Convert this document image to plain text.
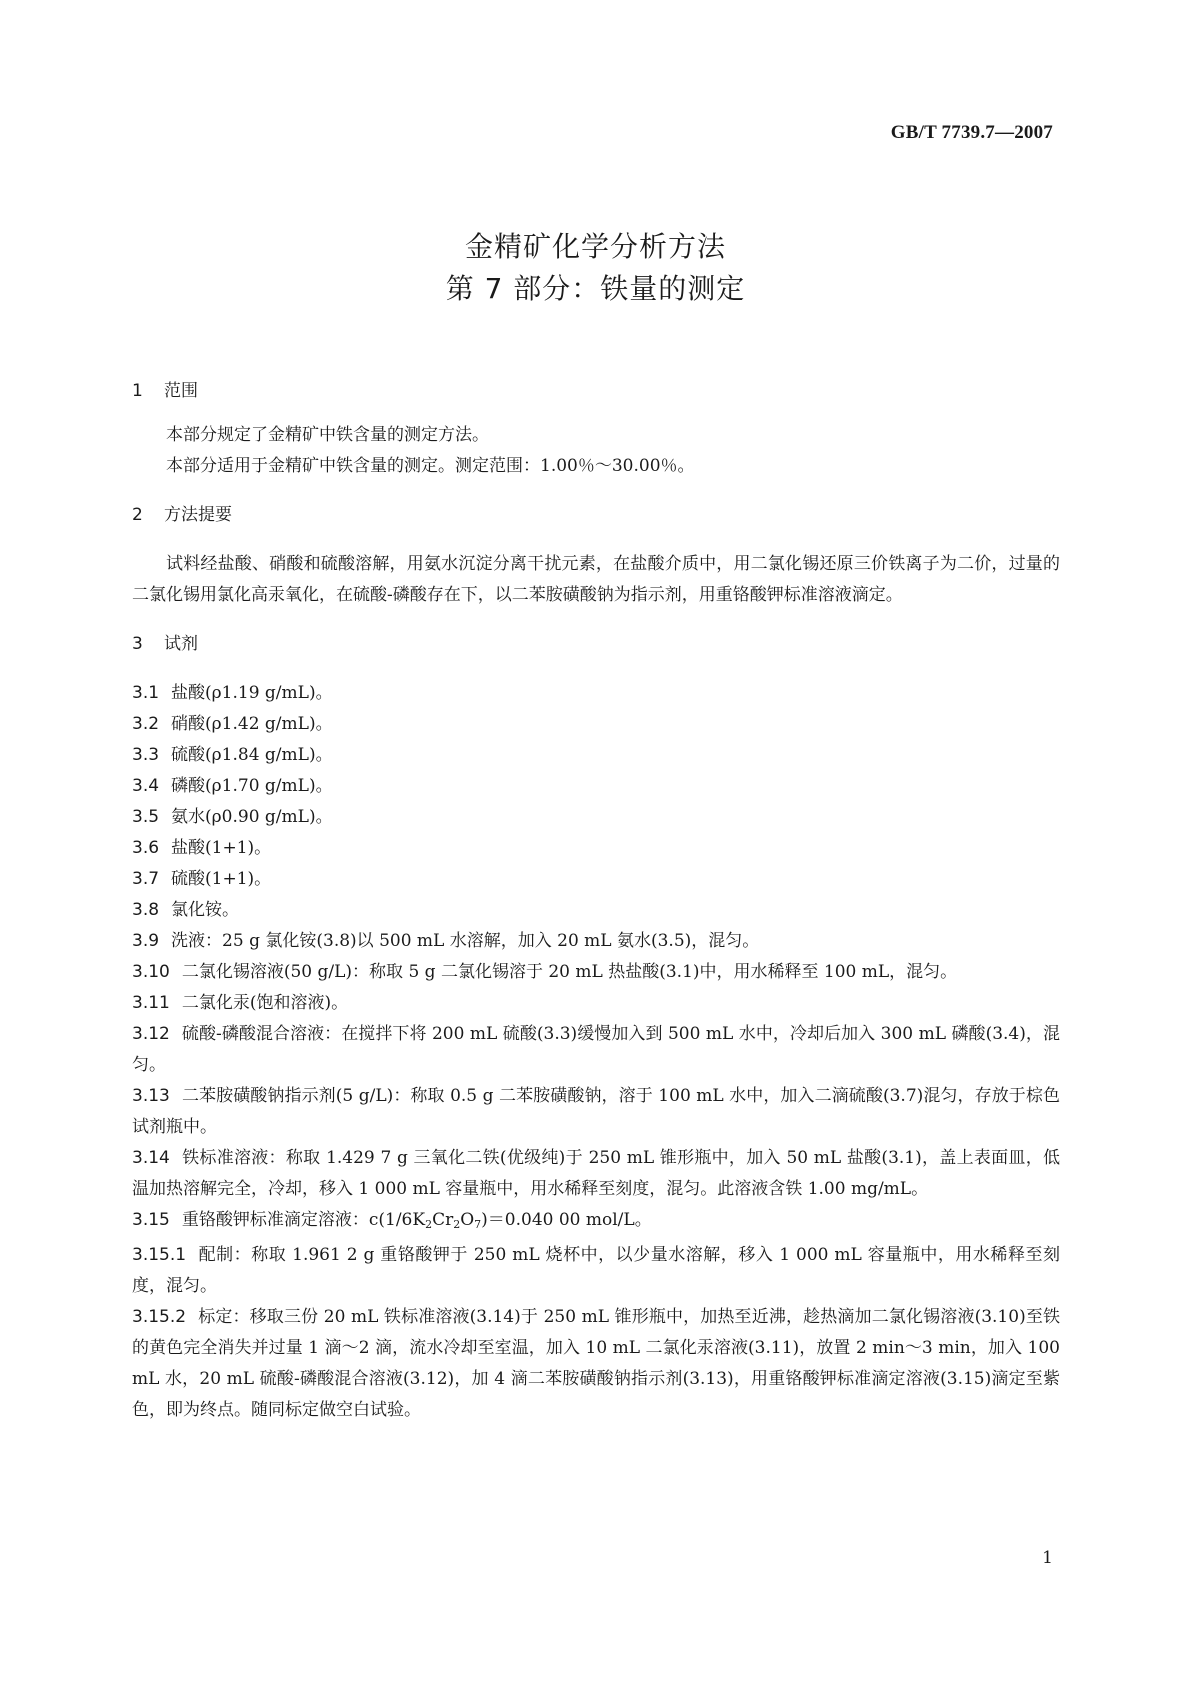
GB/T 7739.7—2007
金精矿化学分析方法
第 7 部分：铁量的测定
1 范围

本部分规定了金精矿中铁含量的测定方法。

本部分适用于金精矿中铁含量的测定。测定范围：1.00％～30.00％。

2 方法提要

试料经盐酸、硝酸和硫酸溶解，用氨水沉淀分离干扰元素，在盐酸介质中，用二氯化锡还原三价铁离子为二价，过量的二氯化锡用氯化高汞氧化，在硫酸-磷酸存在下，以二苯胺磺酸钠为指示剂，用重铬酸钾标准溶液滴定。

3 试剂

3.1 盐酸(ρ1.19 g/mL)。

3.2 硝酸(ρ1.42 g/mL)。

3.3 硫酸(ρ1.84 g/mL)。

3.4 磷酸(ρ1.70 g/mL)。

3.5 氨水(ρ0.90 g/mL)。

3.6 盐酸(1+1)。

3.7 硫酸(1+1)。

3.8 氯化铵。

3.9 洗液：25 g 氯化铵(3.8)以 500 mL 水溶解，加入 20 mL 氨水(3.5)，混匀。

3.10 二氯化锡溶液(50 g/L)：称取 5 g 二氯化锡溶于 20 mL 热盐酸(3.1)中，用水稀释至 100 mL，混匀。

3.11 二氯化汞(饱和溶液)。

3.12 硫酸-磷酸混合溶液：在搅拌下将 200 mL 硫酸(3.3)缓慢加入到 500 mL 水中，冷却后加入 300 mL 磷酸(3.4)，混匀。

3.13 二苯胺磺酸钠指示剂(5 g/L)：称取 0.5 g 二苯胺磺酸钠，溶于 100 mL 水中，加入二滴硫酸(3.7)混匀，存放于棕色试剂瓶中。

3.14 铁标准溶液：称取 1.429 7 g 三氧化二铁(优级纯)于 250 mL 锥形瓶中，加入 50 mL 盐酸(3.1)，盖上表面皿，低温加热溶解完全，冷却，移入 1 000 mL 容量瓶中，用水稀释至刻度，混匀。此溶液含铁 1.00 mg/mL。

3.15 重铬酸钾标准滴定溶液：$c(1/6K_2Cr_2O_7)=0.040$ 00 mol/L。

3.15.1 配制：称取 1.961 2 g 重铬酸钾于 250 mL 烧杯中，以少量水溶解，移入 1 000 mL 容量瓶中，用水稀释至刻度，混匀。

3.15.2 标定：移取三份 20 mL 铁标准溶液(3.14)于 250 mL 锥形瓶中，加热至近沸，趁热滴加二氯化锡溶液(3.10)至铁的黄色完全消失并过量 1 滴～2 滴，流水冷却至室温，加入 10 mL 二氯化汞溶液(3.11)，放置 2 min～3 min，加入 100 mL 水，20 mL 硫酸-磷酸混合溶液(3.12)，加 4 滴二苯胺磺酸钠指示剂(3.13)，用重铬酸钾标准滴定溶液(3.15)滴定至紫色，即为终点。随同标定做空白试验。

1
